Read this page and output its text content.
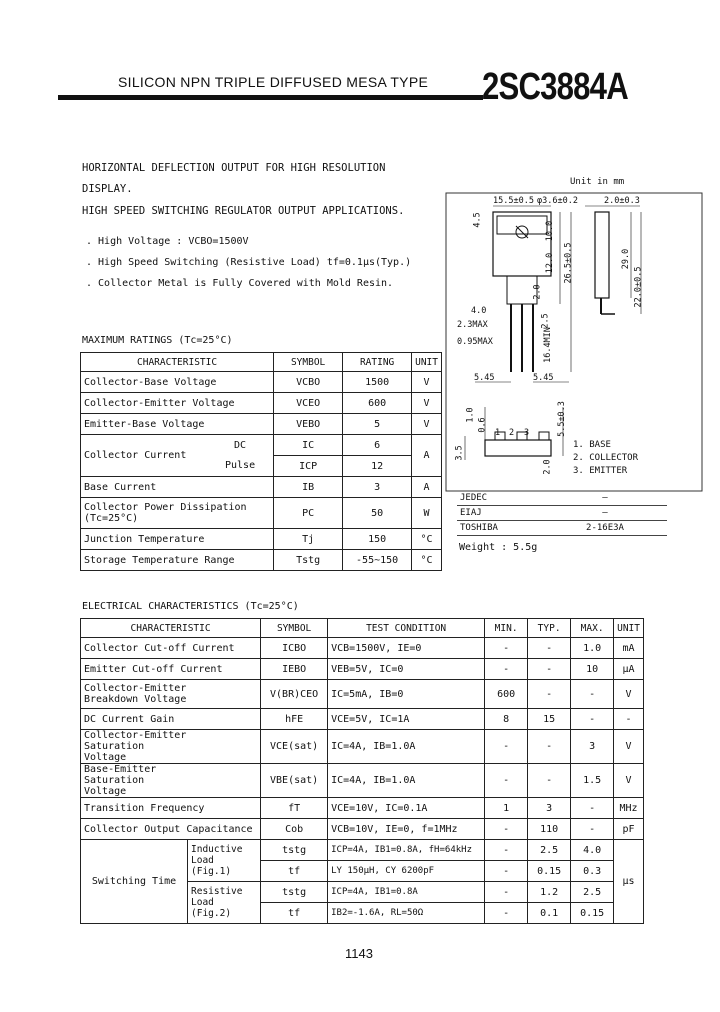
SILICON NPN TRIPLE DIFFUSED MESA TYPE 2SC3884A
HORIZONTAL DEFLECTION OUTPUT FOR HIGH RESOLUTION
DISPLAY.
HIGH SPEED SWITCHING REGULATOR OUTPUT APPLICATIONS.
. High Voltage : VCBO=1500V
. High Speed Switching (Resistive Load) tf=0.1μs(Typ.)
. Collector Metal is Fully Covered with Mold Resin.
MAXIMUM RATINGS (Tc=25°C)
CHARACTERISTIC		SYMBOL	RATING	UNIT
Collector-Base Voltage		VCBO	1500	V
Collector-Emitter Voltage		VCEO	600	V
Emitter-Base Voltage		VEBO	5	V
Collector Current	DC	IC	6	A
	Pulse	ICP	12	
Base Current		IB	3	A
Collector Power Dissipation (Tc=25°C)		PC	50	W
Junction Temperature		Tj	150	°C
Storage Temperature Range		Tstg	-55~150	°C
Unit in mm
15.5±0.5 φ3.6±0.2	2.0±0.3
4.5
10.0
12.0 26.5±0.5	29.0
22.0±0.5
2.0
4.0
2.3MAX
0.95MAX
2.5
16.4MIN
5.45	5.45
1.0
0.6	5.5±0.3
2.0
3.5
1 2 3
1. BASE
2. COLLECTOR
3. EMITTER
JEDEC	―
EIAJ	―
TOSHIBA	2-16E3A
Weight : 5.5g
ELECTRICAL CHARACTERISTICS (Tc=25°C)
CHARACTERISTIC		SYMBOL	TEST CONDITION	MIN.	TYP.	MAX.	UNIT
Collector Cut-off Current		ICBO	VCB=1500V, IE=0	-	-	1.0	mA
Emitter Cut-off Current		IEBO	VEB=5V, IC=0	-	-	10	μA
Collector-Emitter Breakdown Voltage		V(BR)CEO	IC=5mA, IB=0	600	-	-	V
DC Current Gain		hFE	VCE=5V, IC=1A	8	15	-	-
Collector-Emitter Saturation Voltage		VCE(sat)	IC=4A, IB=1.0A	-	-	3	V
Base-Emitter Saturation Voltage		VBE(sat)	IC=4A, IB=1.0A	-	-	1.5	V
Transition Frequency		fT	VCE=10V, IC=0.1A	1	3	-	MHz
Collector Output Capacitance		Cob	VCB=10V, IE=0, f=1MHz	-	110	-	pF
Switching Time	Inductive Load (Fig.1)	tstg	ICP=4A, IB1=0.8A, fH=64kHz	-	2.5	4.0	μs
		tf	LY 150μH, CY 6200pF	-	0.15	0.3	
	Resistive Load (Fig.2)	tstg	ICP=4A, IB1=0.8A	-	1.2	2.5	
		tf	IB2=-1.6A, RL=50Ω	-	0.1	0.15	
1143
